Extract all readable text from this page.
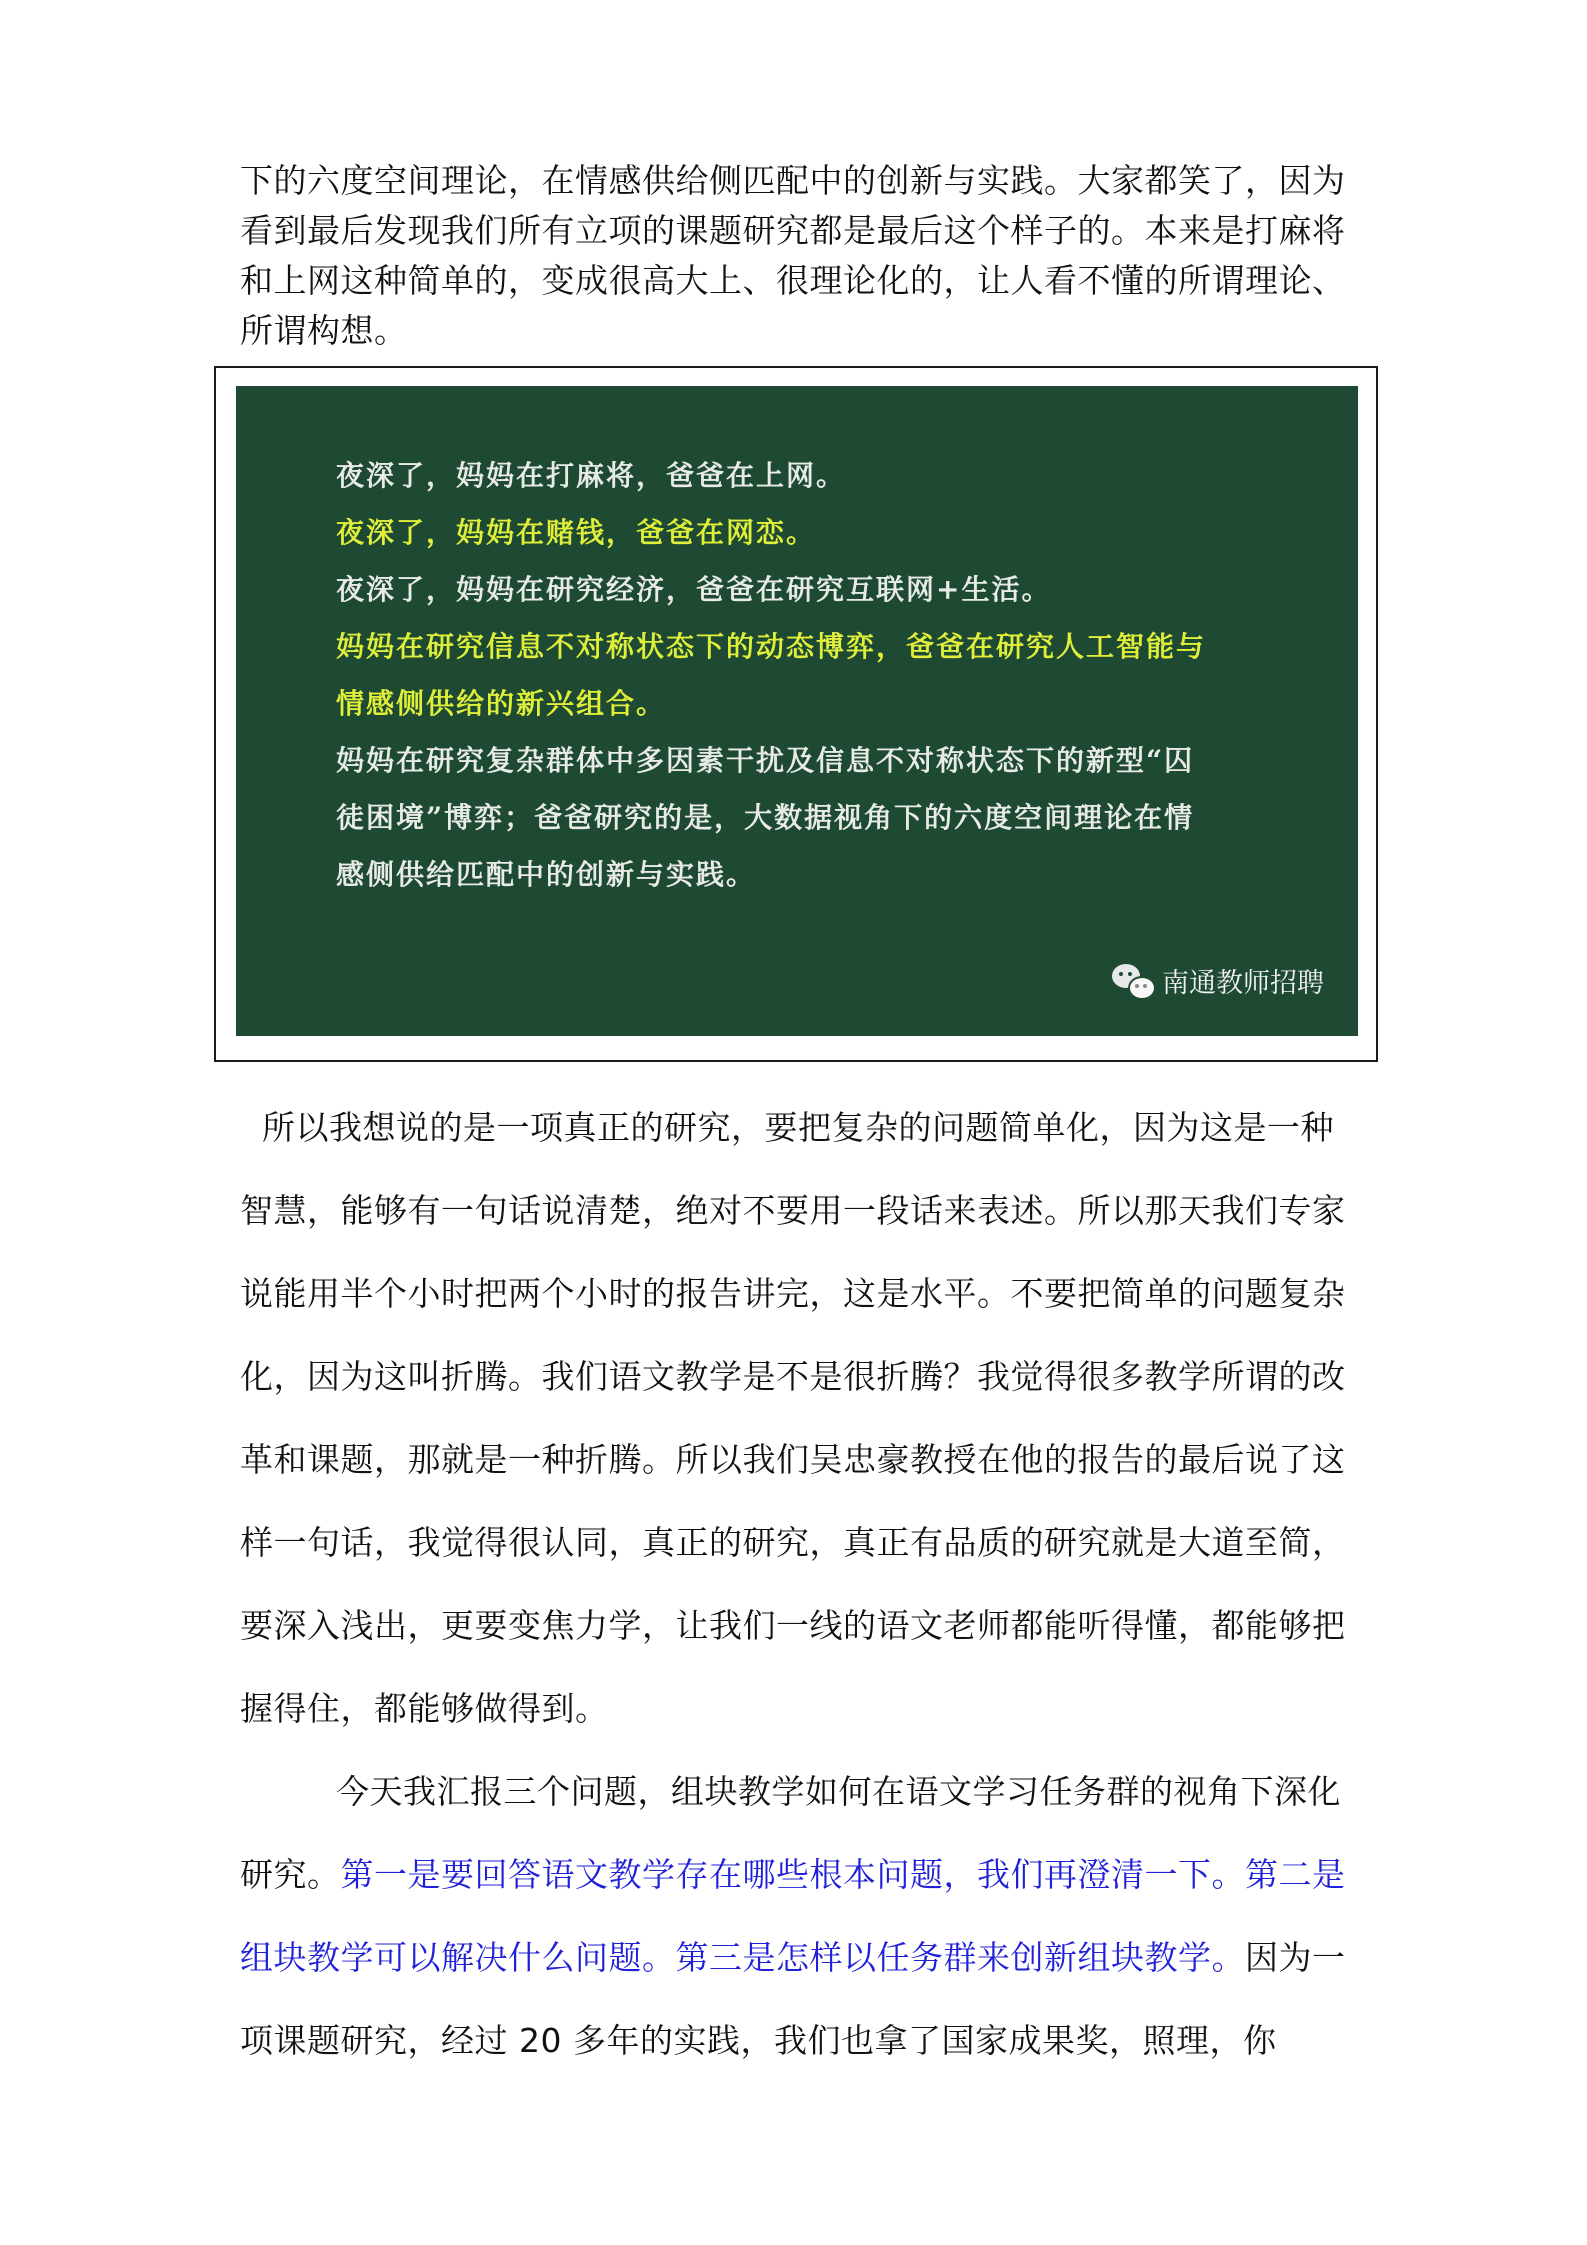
下的六度空间理论，在情感供给侧匹配中的创新与实践。大家都笑了，因为看到最后发现我们所有立项的课题研究都是最后这个样子的。本来是打麻将和上网这种简单的，变成很高大上、很理论化的，让人看不懂的所谓理论、所谓构想。

夜深了，妈妈在打麻将，爸爸在上网。
夜深了，妈妈在赌钱，爸爸在网恋。
夜深了，妈妈在研究经济，爸爸在研究互联网+生活。
妈妈在研究信息不对称状态下的动态博弈，爸爸在研究人工智能与
情感侧供给的新兴组合。
妈妈在研究复杂群体中多因素干扰及信息不对称状态下的新型“囚
徒困境”博弈；爸爸研究的是，大数据视角下的六度空间理论在情
感侧供给匹配中的创新与实践。
南通教师招聘

所以我想说的是一项真正的研究，要把复杂的问题简单化，因为这是一种智慧，能够有一句话说清楚，绝对不要用一段话来表述。所以那天我们专家说能用半个小时把两个小时的报告讲完，这是水平。不要把简单的问题复杂化，因为这叫折腾。我们语文教学是不是很折腾？我觉得很多教学所谓的改革和课题，那就是一种折腾。所以我们吴忠豪教授在他的报告的最后说了这样一句话，我觉得很认同，真正的研究，真正有品质的研究就是大道至简，要深入浅出，更要变焦力学，让我们一线的语文老师都能听得懂，都能够把握得住，都能够做得到。

今天我汇报三个问题，组块教学如何在语文学习任务群的视角下深化研究。第一是要回答语文教学存在哪些根本问题，我们再澄清一下。第二是组块教学可以解决什么问题。第三是怎样以任务群来创新组块教学。因为一项课题研究，经过 20 多年的实践，我们也拿了国家成果奖，照理，你
